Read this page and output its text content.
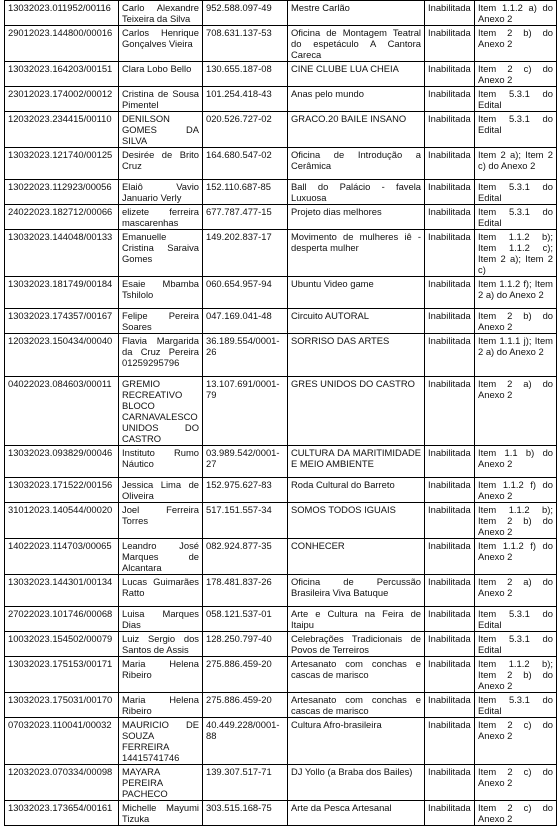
13032023.011952/00116	Carlo Alexandre Teixeira da Silva	952.588.097-49	Mestre Carlão	Inabilitada	Item 1.1.2 a) do Anexo 2
29012023.144800/00016	Carlos Henrique Gonçalves Vieira	708.631.137-53	Oficina de Montagem Teatral do espetáculo A Cantora Careca	Inabilitada	Item 2 b) do Anexo 2
13032023.164203/00151	Clara Lobo Bello	130.655.187-08	CINE CLUBE LUA CHEIA	Inabilitada	Item 2 c) do Anexo 2
23012023.174002/00012	Cristina de Sousa Pimentel	101.254.418-43	Anas pelo mundo	Inabilitada	Item 5.3.1 do Edital
12032023.234415/00110	DENILSON GOMES DA SILVA	020.526.727-02	GRACO.20 BAILE INSANO	Inabilitada	Item 5.3.1 do Edital
13032023.121740/00125	Desirée de Brito Cruz	164.680.547-02	Oficina de Introdução a Cerâmica	Inabilitada	Item 2 a); Item 2 c) do Anexo 2
13022023.112923/00056	Elaiô Vavio Januario Verly	152.110.687-85	Ball do Palácio - favela Luxuosa	Inabilitada	Item 5.3.1 do Edital
24022023.182712/00066	elizete ferreira mascarenhas	677.787.477-15	Projeto dias melhores	Inabilitada	Item 5.3.1 do Edital
13032023.144048/00133	Emanuelle Cristina Saraiva Gomes	149.202.837-17	Movimento de mulheres iê - desperta mulher	Inabilitada	Item 1.1.2 b); Item 1.1.2 c); Item 2 a); Item 2 c)
13032023.181749/00184	Esaie Mbamba Tshilolo	060.654.957-94	Ubuntu Video game	Inabilitada	Item 1.1.2 f); Item 2 a) do Anexo 2
13032023.174357/00167	Felipe Pereira Soares	047.169.041-48	Circuito AUTORAL	Inabilitada	Item 2 b) do Anexo 2
12032023.150434/00040	Flavia Margarida da Cruz Pereira 01259295796	36.189.554/0001-26	SORRISO DAS ARTES	Inabilitada	Item 1.1.1 j); Item 2 a) do Anexo 2
04022023.084603/00011	GREMIO RECREATIVO BLOCO CARNAVALESCO UNIDOS DO CASTRO	13.107.691/0001-79	GRES UNIDOS DO CASTRO	Inabilitada	Item 2 a) do Anexo 2
13032023.093829/00046	Instituto Rumo Náutico	03.989.542/0001-27	CULTURA DA MARITIMIDADE E MEIO AMBIENTE	Inabilitada	Item 1.1 b) do Anexo 2
13032023.171522/00156	Jessica Lima de Oliveira	152.975.627-83	Roda Cultural do Barreto	Inabilitada	Item 1.1.2 f) do Anexo 2
31012023.140544/00020	Joel Ferreira Torres	517.151.557-34	SOMOS TODOS IGUAIS	Inabilitada	Item 1.1.2 b); Item 2 b) do Anexo 2
14022023.114703/00065	Leandro José Marques de Alcantara	082.924.877-35	CONHECER	Inabilitada	Item 1.1.2 f) do Anexo 2
13032023.144301/00134	Lucas Guimarães Ratto	178.481.837-26	Oficina de Percussão Brasileira Viva Batuque	Inabilitada	Item 2 a) do Anexo 2
27022023.101746/00068	Luisa Marques Dias	058.121.537-01	Arte e Cultura na Feira de Itaipu	Inabilitada	Item 5.3.1 do Edital
10032023.154502/00079	Luiz Sergio dos Santos de Assis	128.250.797-40	Celebrações Tradicionais de Povos de Terreiros	Inabilitada	Item 5.3.1 do Edital
13032023.175153/00171	Maria Helena Ribeiro	275.886.459-20	Artesanato com conchas e cascas de marisco	Inabilitada	Item 1.1.2 b); Item 2 b) do Anexo 2
13032023.175031/00170	Maria Helena Ribeiro	275.886.459-20	Artesanato com conchas e cascas de marisco	Inabilitada	Item 5.3.1 do Edital
07032023.110041/00032	MAURICIO DE SOUZA FERREIRA 14415741746	40.449.228/0001-88	Cultura Afro-brasileira	Inabilitada	Item 2 c) do Anexo 2
12032023.070334/00098	MAYARA PEREIRA PACHECO	139.307.517-71	DJ Yollo (a Braba dos Bailes)	Inabilitada	Item 2 c) do Anexo 2
13032023.173654/00161	Michelle Mayumi Tizuka	303.515.168-75	Arte da Pesca Artesanal	Inabilitada	Item 2 c) do Anexo 2
